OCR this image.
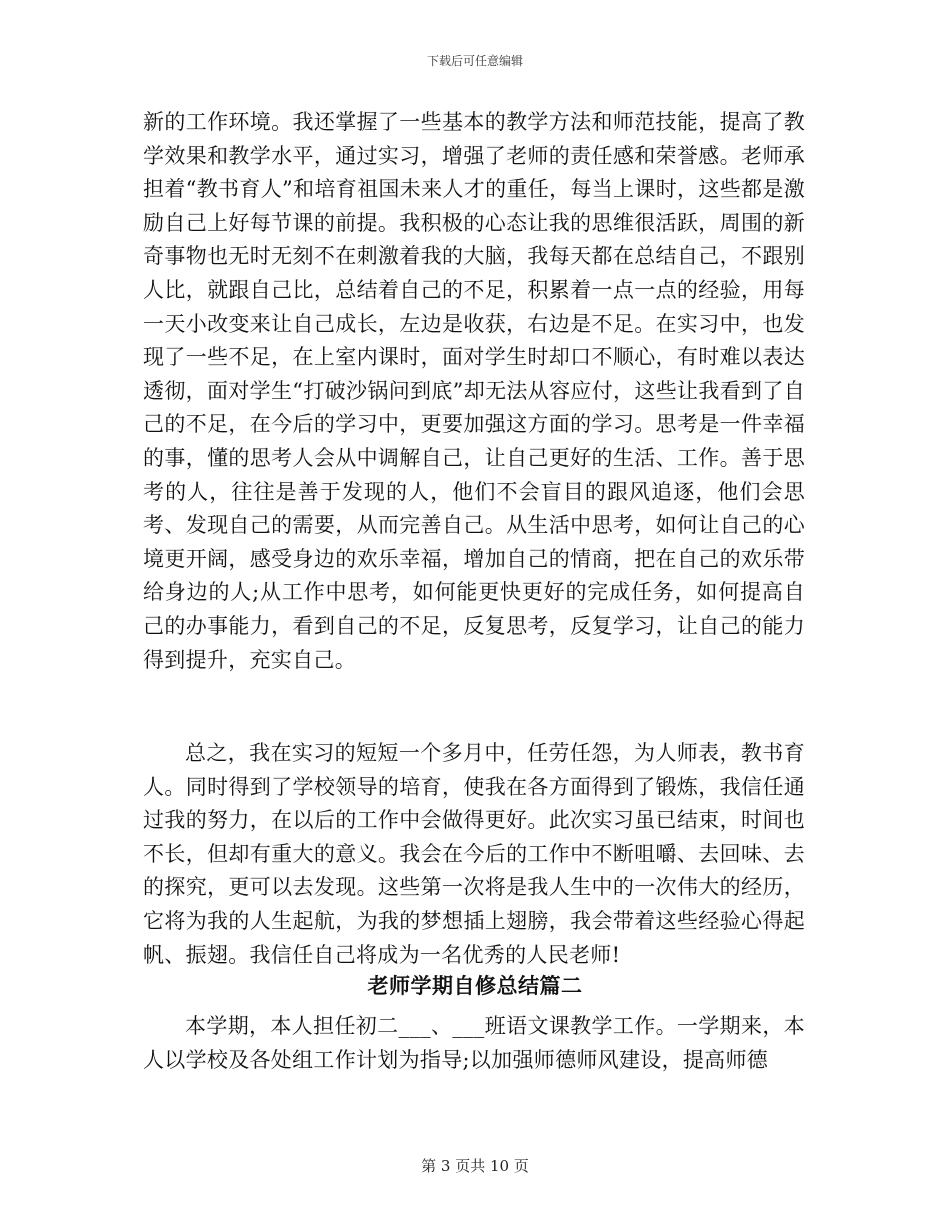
下载后可任意编辑

新的工作环境。我还掌握了一些基本的教学方法和师范技能，提高了教学效果和教学水平，通过实习，增强了老师的责任感和荣誉感。老师承担着“教书育人”和培育祖国未来人才的重任，每当上课时，这些都是激励自己上好每节课的前提。我积极的心态让我的思维很活跃，周围的新奇事物也无时无刻不在刺激着我的大脑，我每天都在总结自己，不跟别人比，就跟自己比，总结着自己的不足，积累着一点一点的经验，用每一天小改变来让自己成长，左边是收获，右边是不足。在实习中，也发现了一些不足，在上室内课时，面对学生时却口不顺心，有时难以表达透彻，面对学生“打破沙锅问到底”却无法从容应付，这些让我看到了自己的不足，在今后的学习中，更要加强这方面的学习。思考是一件幸福的事，懂的思考人会从中调解自己，让自己更好的生活、工作。善于思考的人，往往是善于发现的人，他们不会盲目的跟风追逐，他们会思考、发现自己的需要，从而完善自己。从生活中思考，如何让自己的心境更开阔，感受身边的欢乐幸福，增加自己的情商，把在自己的欢乐带给身边的人;从工作中思考，如何能更快更好的完成任务，如何提高自己的办事能力，看到自己的不足，反复思考，反复学习，让自己的能力得到提升，充实自己。

总之，我在实习的短短一个多月中，任劳任怨，为人师表，教书育人。同时得到了学校领导的培育，使我在各方面得到了锻炼，我信任通过我的努力，在以后的工作中会做得更好。此次实习虽已结束，时间也不长，但却有重大的意义。我会在今后的工作中不断咀嚼、去回味、去的探究，更可以去发现。这些第一次将是我人生中的一次伟大的经历，它将为我的人生起航，为我的梦想插上翅膀，我会带着这些经验心得起帆、振翅。我信任自己将成为一名优秀的人民老师!

老师学期自修总结篇二

本学期，本人担任初二___、___班语文课教学工作。一学期来，本人以学校及各处组工作计划为指导;以加强师德师风建设，提高师德

第 3 页共 10 页
